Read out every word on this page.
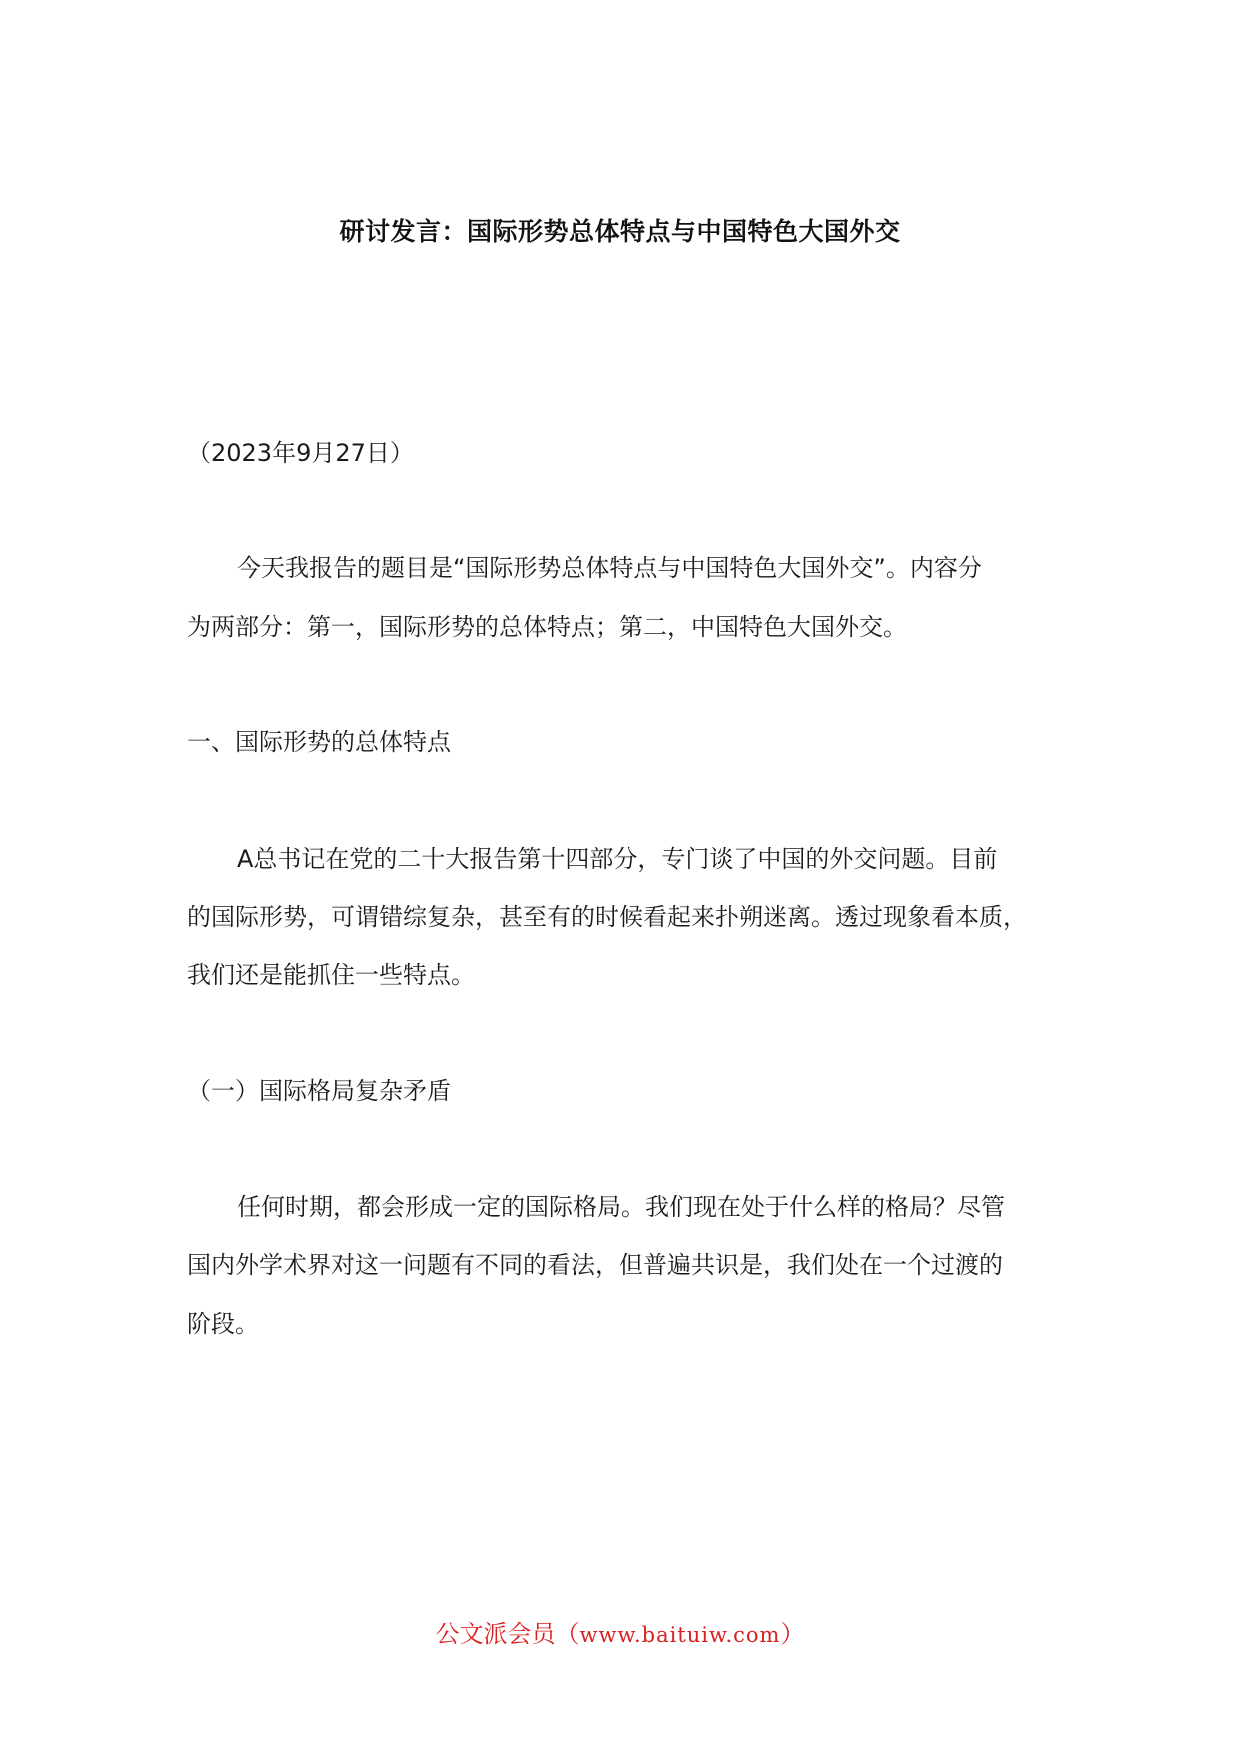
研讨发言：国际形势总体特点与中国特色大国外交
（2023年9月27日）
今天我报告的题目是“国际形势总体特点与中国特色大国外交”。内容分
为两部分：第一，国际形势的总体特点；第二，中国特色大国外交。
一、国际形势的总体特点
A总书记在党的二十大报告第十四部分，专门谈了中国的外交问题。目前
的国际形势，可谓错综复杂，甚至有的时候看起来扑朔迷离。透过现象看本质，
我们还是能抓住一些特点。
（一）国际格局复杂矛盾
任何时期，都会形成一定的国际格局。我们现在处于什么样的格局？尽管
国内外学术界对这一问题有不同的看法，但普遍共识是，我们处在一个过渡的
阶段。
公文派会员（www.baituiw.com）
